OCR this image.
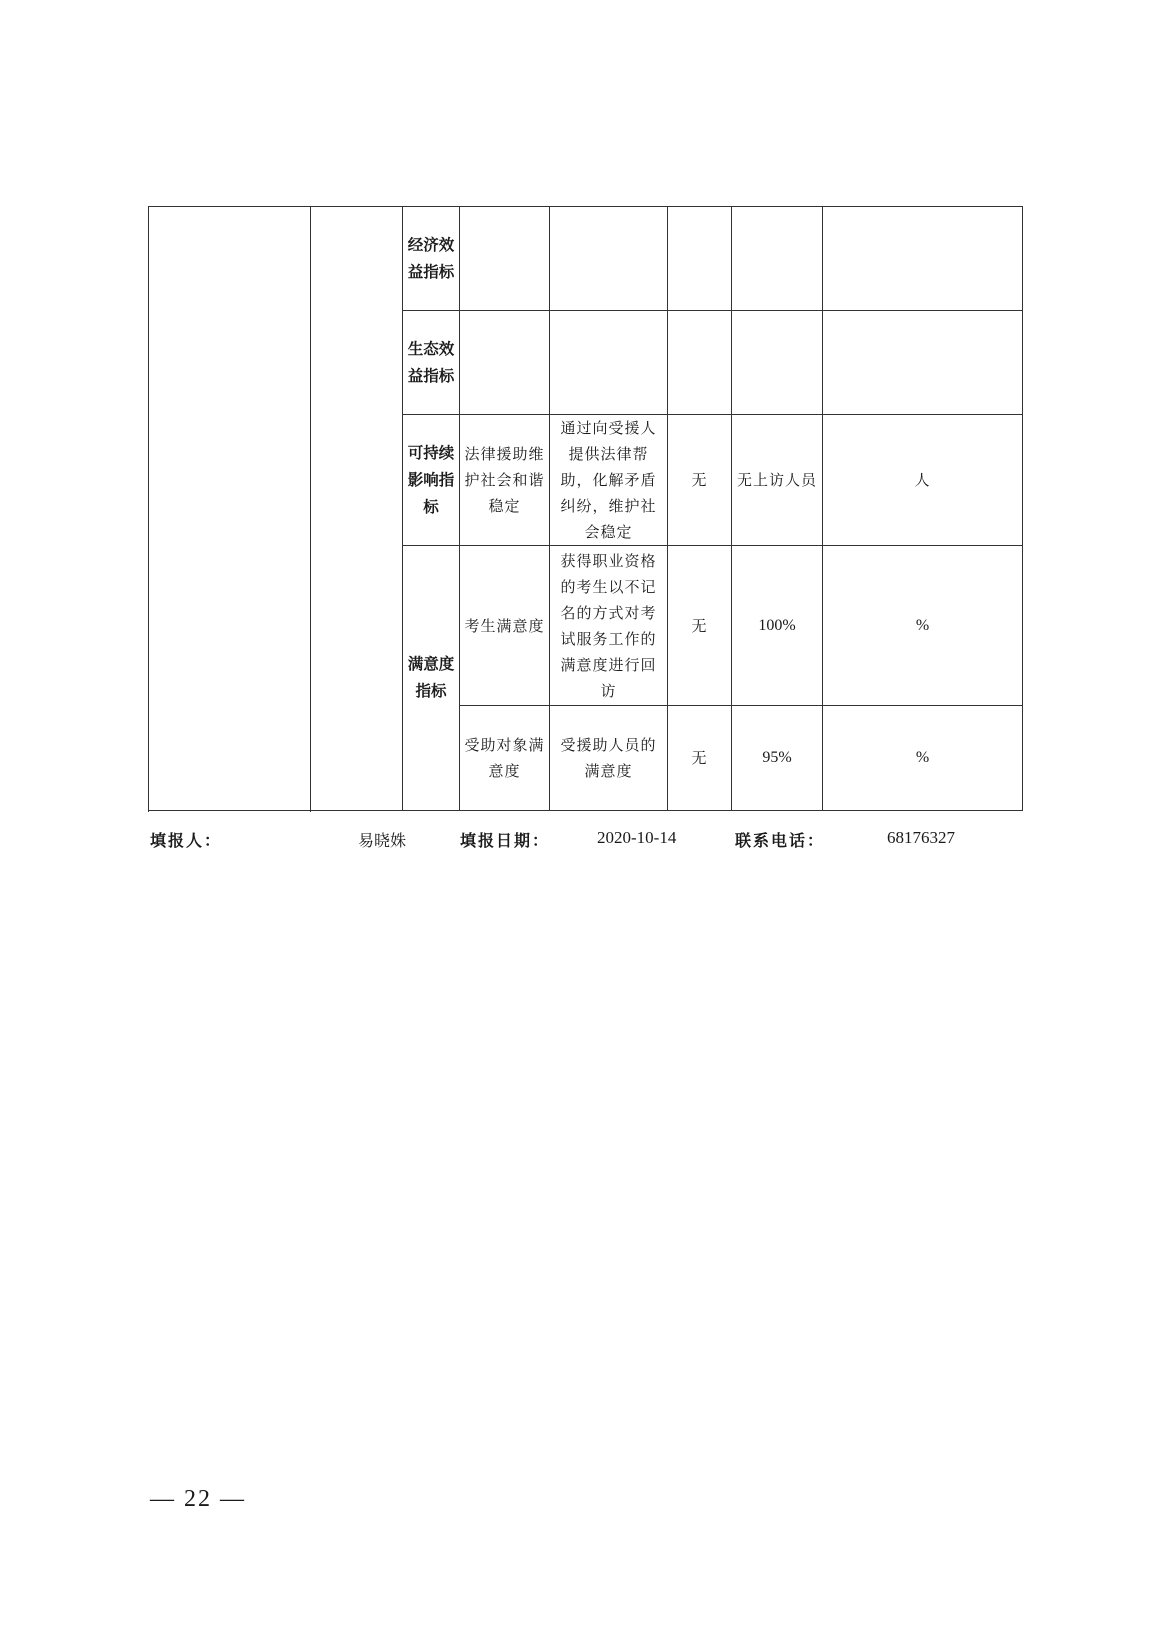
		经济效益指标					
		生态效益指标					
		可持续影响指标	法律援助维护社会和谐稳定	通过向受援人提供法律帮助，化解矛盾纠纷，维护社会稳定	无	无上访人员	人
		满意度指标	考生满意度	获得职业资格的考生以不记名的方式对考试服务工作的满意度进行回访	无	100%	%
			受助对象满意度	受援助人员的满意度	无	95%	%

填报人：	易晓姝	填报日期：	2020-10-14	联系电话：	68176327
— 22 —
